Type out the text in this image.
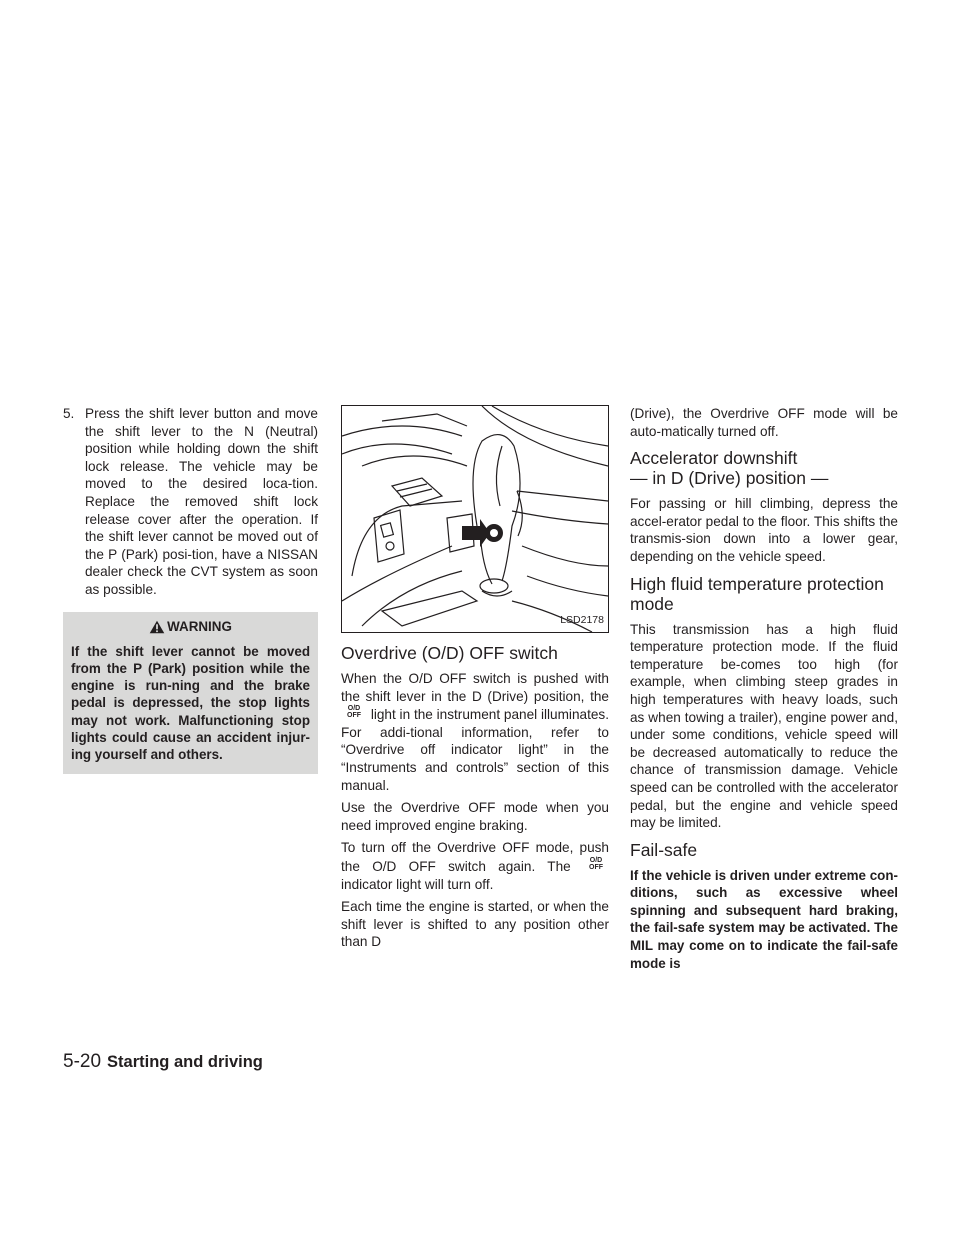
5. Press the shift lever button and move the shift lever to the N (Neutral) position while holding down the shift lock release. The vehicle may be moved to the desired loca-tion. Replace the removed shift lock release cover after the operation. If the shift lever cannot be moved out of the P (Park) posi-tion, have a NISSAN dealer check the CVT system as soon as possible.
WARNING
If the shift lever cannot be moved from the P (Park) position while the engine is run-ning and the brake pedal is depressed, the stop lights may not work. Malfunctioning stop lights could cause an accident injur-ing yourself and others.
LSD2178
Overdrive (O/D) OFF switch

When the O/D OFF switch is pushed with the shift lever in the D (Drive) position, the O/D
OFF light in the instrument panel illuminates. For addi-tional information, refer to “Overdrive off indicator light” in the “Instruments and controls” section of this manual.

Use the Overdrive OFF mode when you need improved engine braking.

To turn off the Overdrive OFF mode, push the O/D OFF switch again. The	O/D
OFF indicator light will turn off.

Each time the engine is started, or when the shift lever is shifted to any position other than D

(Drive), the Overdrive OFF mode will be auto-matically turned off.

Accelerator downshift
— in D (Drive) position —

For passing or hill climbing, depress the accel-erator pedal to the floor. This shifts the transmis-sion down into a lower gear, depending on the vehicle speed.

High fluid temperature protection
mode

This transmission has a high fluid temperature protection mode. If the fluid temperature be-comes too high (for example, when climbing steep grades in high temperatures with heavy loads, such as when towing a trailer), engine power and, under some conditions, vehicle speed will be decreased automatically to reduce the chance of transmission damage. Vehicle speed can be controlled with the accelerator pedal, but the engine and vehicle speed may be limited.

Fail-safe

If the vehicle is driven under extreme con-ditions, such as excessive wheel spinning and subsequent hard braking, the fail-safe system may be activated. The MIL may come on to indicate the fail-safe mode is

5-20 Starting and driving
